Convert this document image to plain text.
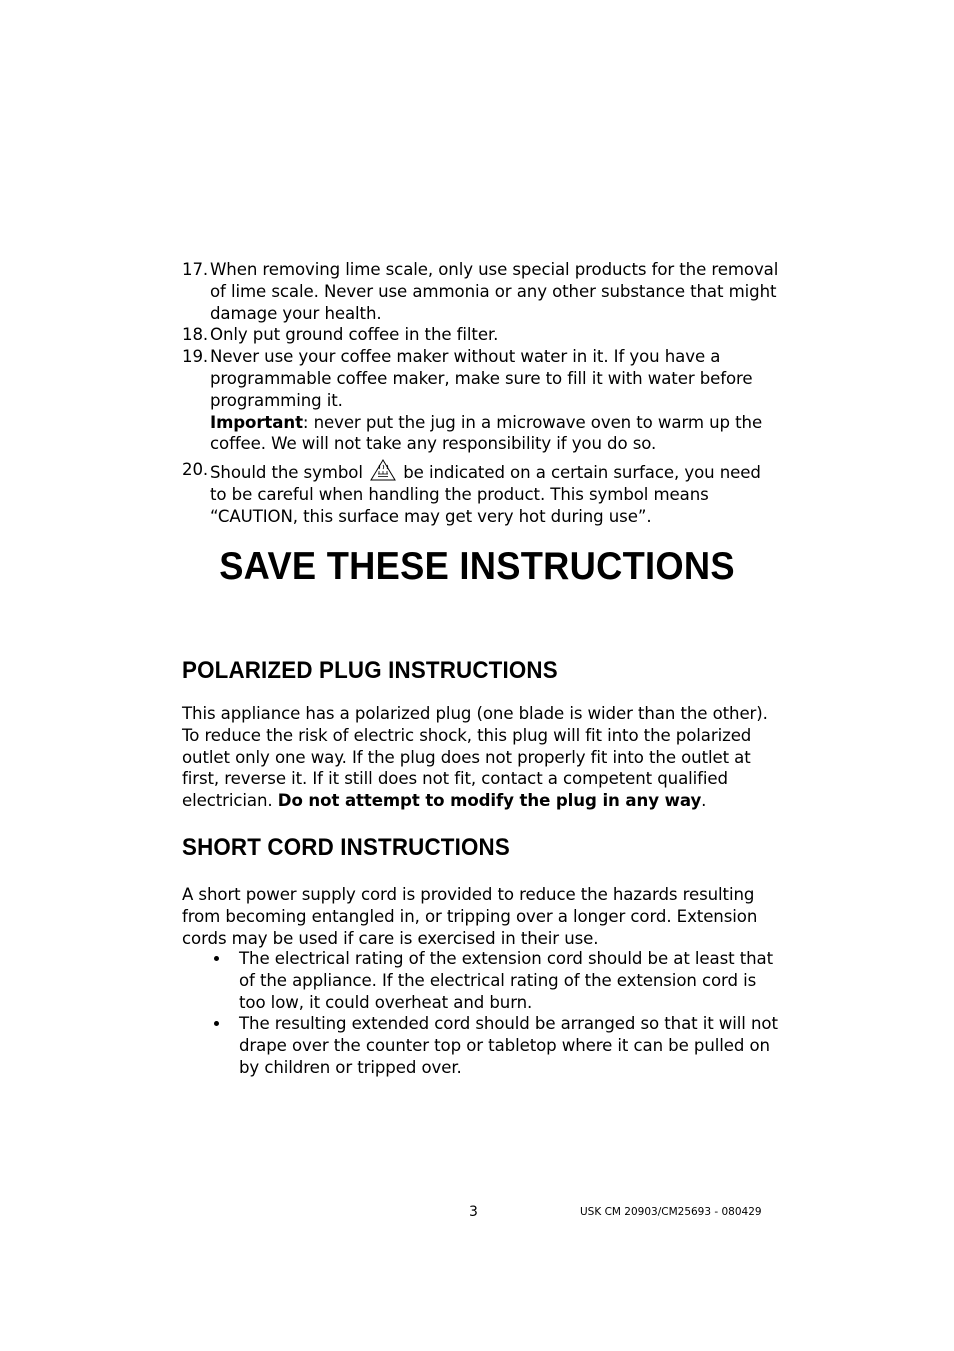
17. When removing lime scale, only use special products for the removal of lime scale. Never use ammonia or any other substance that might damage your health.
18. Only put ground coffee in the filter.
19. Never use your coffee maker without water in it. If you have a programmable coffee maker, make sure to fill it with water before programming it.
Important: never put the jug in a microwave oven to warm up the coffee. We will not take any responsibility if you do so.
20. Should the symbol be indicated on a certain surface, you need to be careful when handling the product. This symbol means “CAUTION, this surface may get very hot during use”.
SAVE THESE INSTRUCTIONS
POLARIZED PLUG INSTRUCTIONS
This appliance has a polarized plug (one blade is wider than the other). To reduce the risk of electric shock, this plug will fit into the polarized outlet only one way. If the plug does not properly fit into the outlet at first, reverse it. If it still does not fit, contact a competent qualified electrician. Do not attempt to modify the plug in any way.
SHORT CORD INSTRUCTIONS
A short power supply cord is provided to reduce the hazards resulting from becoming entangled in, or tripping over a longer cord. Extension cords may be used if care is exercised in their use.
The electrical rating of the extension cord should be at least that of the appliance. If the electrical rating of the extension cord is too low, it could overheat and burn.
The resulting extended cord should be arranged so that it will not drape over the counter top or tabletop where it can be pulled on by children or tripped over.
3	USK CM 20903/CM25693 - 080429
